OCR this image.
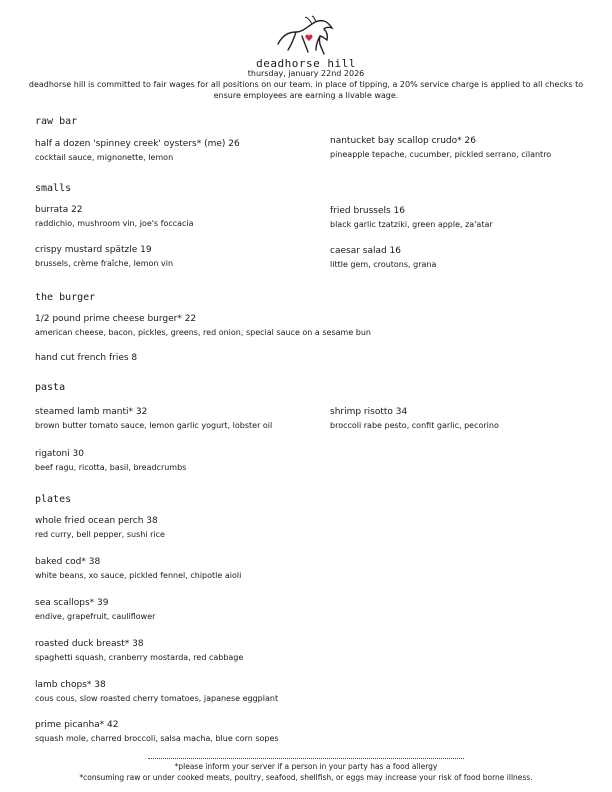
deadhorse hill
thursday, january 22nd 2026
deadhorse hill is committed to fair wages for all positions on our team. in place of tipping, a 20% service charge is applied to all checks to ensure employees are earning a livable wage.
raw bar
half a dozen 'spinney creek' oysters* (me) 26
cocktail sauce, mignonette, lemon
nantucket bay scallop crudo* 26
pineapple tepache, cucumber, pickled serrano, cilantro
smalls
burrata 22
raddichio, mushroom vin, joe's foccacia
fried brussels 16
black garlic tzatziki, green apple, za'atar
crispy mustard spätzle 19
brussels, crème fraîche, lemon vin
caesar salad 16
little gem, croutons, grana
the burger
1/2 pound prime cheese burger* 22
american cheese, bacon, pickles, greens, red onion, special sauce on a sesame bun
hand cut french fries 8
pasta
steamed lamb manti* 32
brown butter tomato sauce, lemon garlic yogurt, lobster oil
shrimp risotto 34
broccoli rabe pesto, confit garlic, pecorino
rigatoni 30
beef ragu, ricotta, basil, breadcrumbs
plates
whole fried ocean perch 38
red curry, bell pepper, sushi rice
baked cod* 38
white beans, xo sauce, pickled fennel, chipotle aioli
sea scallops* 39
endive, grapefruit, cauliflower
roasted duck breast* 38
spaghetti squash, cranberry mostarda, red cabbage
lamb chops* 38
cous cous, slow roasted cherry tomatoes, japanese eggplant
prime picanha* 42
squash mole, charred broccoli, salsa macha, blue corn sopes
*please inform your server if a person in your party has a food allergy
*consuming raw or under cooked meats, poultry, seafood, shellfish, or eggs may increase your risk of food borne illness.
